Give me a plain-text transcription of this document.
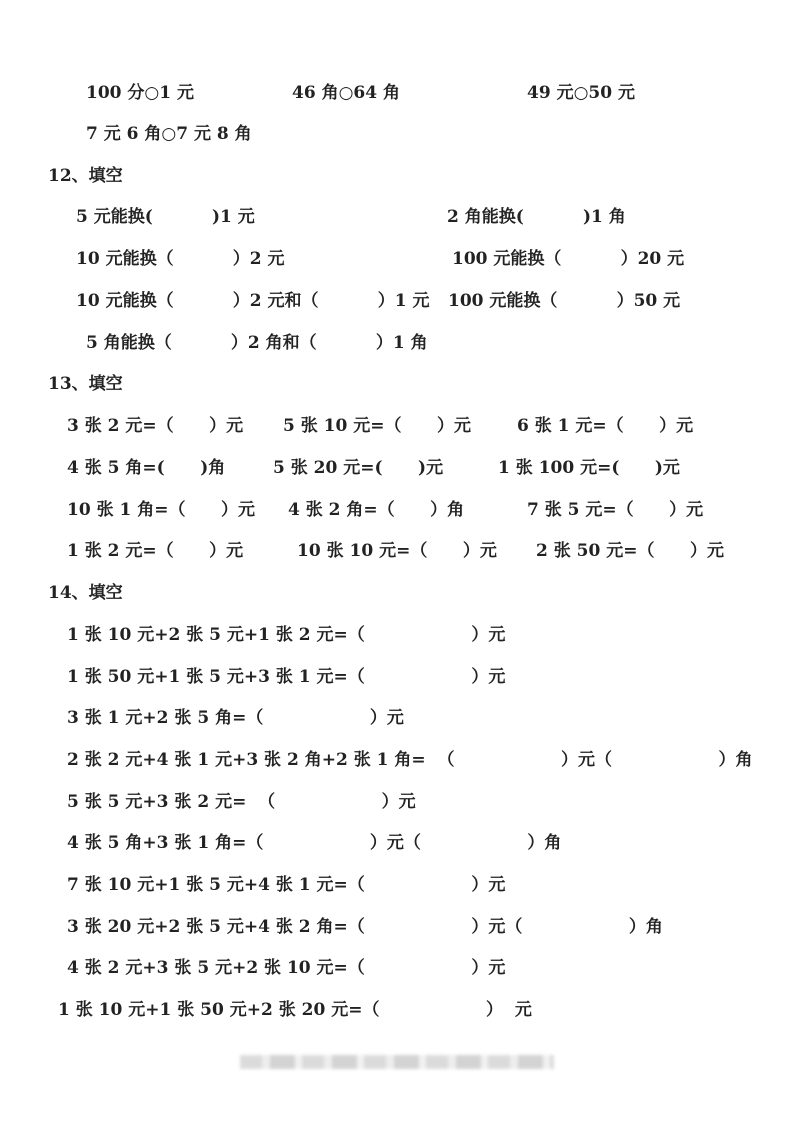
100 分○1 元	46 角○64 角	49 元○50 元
7 元 6 角○7 元 8 角
12、填空
5 元能换(          )1 元	2 角能换(          )1 角
10 元能换（          ）2 元	100 元能换（          ）20 元
10 元能换（          ）2 元和（          ）1 元 100 元能换（          ）50 元
5 角能换（          ）2 角和（          ）1 角
13、填空
3 张 2 元=（      ）元 5 张 10 元=（      ）元	6 张 1 元=（      ）元
4 张 5 角=(      )角	5 张 20 元=(      )元	1 张 100 元=(      )元
10 张 1 角=（      ）元 4 张 2 角=（      ）角	7 张 5 元=（      ）元
1 张 2 元=（      ）元	10 张 10 元=（      ）元 2 张 50 元=（      ）元
14、填空
1 张 10 元+2 张 5 元+1 张 2 元=（                  ）元
1 张 50 元+1 张 5 元+3 张 1 元=（                  ）元
3 张 1 元+2 张 5 角=（                  ）元
2 张 2 元+4 张 1 元+3 张 2 角+2 张 1 角=  （                  ）元（                  ）角
5 张 5 元+3 张 2 元=  （                  ）元
4 张 5 角+3 张 1 角=（                  ）元（                  ）角
7 张 10 元+1 张 5 元+4 张 1 元=（                  ）元
3 张 20 元+2 张 5 元+4 张 2 角=（                  ）元（                  ）角
4 张 2 元+3 张 5 元+2 张 10 元=（                  ）元
1 张 10 元+1 张 50 元+2 张 20 元=（                  ）  元
